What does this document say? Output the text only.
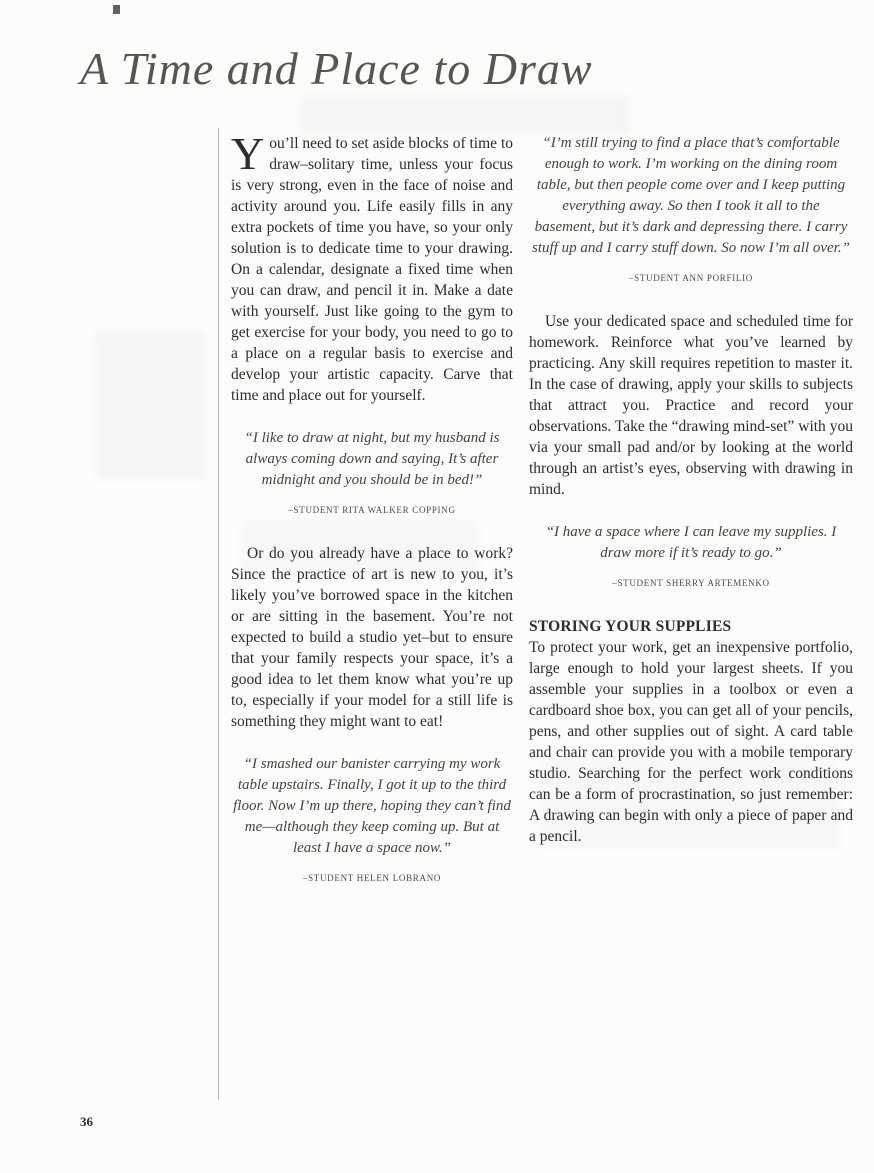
A Time and Place to Draw

You’ll need to set aside blocks of time to draw–solitary time, unless your focus is very strong, even in the face of noise and activity around you. Life easily fills in any extra pockets of time you have, so your only solution is to dedicate time to your drawing. On a calendar, designate a fixed time when you can draw, and pencil it in. Make a date with yourself. Just like going to the gym to get exercise for your body, you need to go to a place on a regular basis to exercise and develop your artistic capacity. Carve that time and place out for yourself.

“I like to draw at night, but my husband is always coming down and saying, It’s after midnight and you should be in bed!”
–STUDENT RITA WALKER COPPING

Or do you already have a place to work? Since the practice of art is new to you, it’s likely you’ve borrowed space in the kitchen or are sitting in the basement. You’re not expected to build a studio yet–but to ensure that your family respects your space, it’s a good idea to let them know what you’re up to, especially if your model for a still life is something they might want to eat!

“I smashed our banister carrying my work table upstairs. Finally, I got it up to the third floor. Now I’m up there, hoping they can’t find me—although they keep coming up. But at least I have a space now.”
–STUDENT HELEN LOBRANO
“I’m still trying to find a place that’s comfortable enough to work. I’m working on the dining room table, but then people come over and I keep putting everything away. So then I took it all to the basement, but it’s dark and depressing there. I carry stuff up and I carry stuff down. So now I’m all over.”
–STUDENT ANN PORFILIO

Use your dedicated space and scheduled time for homework. Reinforce what you’ve learned by practicing. Any skill requires repetition to master it. In the case of drawing, apply your skills to subjects that attract you. Practice and record your observations. Take the “drawing mind-set” with you via your small pad and/or by looking at the world through an artist’s eyes, observing with drawing in mind.

“I have a space where I can leave my supplies. I draw more if it’s ready to go.”
–STUDENT SHERRY ARTEMENKO
STORING YOUR SUPPLIES

To protect your work, get an inexpensive portfolio, large enough to hold your largest sheets. If you assemble your supplies in a toolbox or even a cardboard shoe box, you can get all of your pencils, pens, and other supplies out of sight. A card table and chair can provide you with a mobile temporary studio. Searching for the perfect work conditions can be a form of procrastination, so just remember: A drawing can begin with only a piece of paper and a pencil.

36
